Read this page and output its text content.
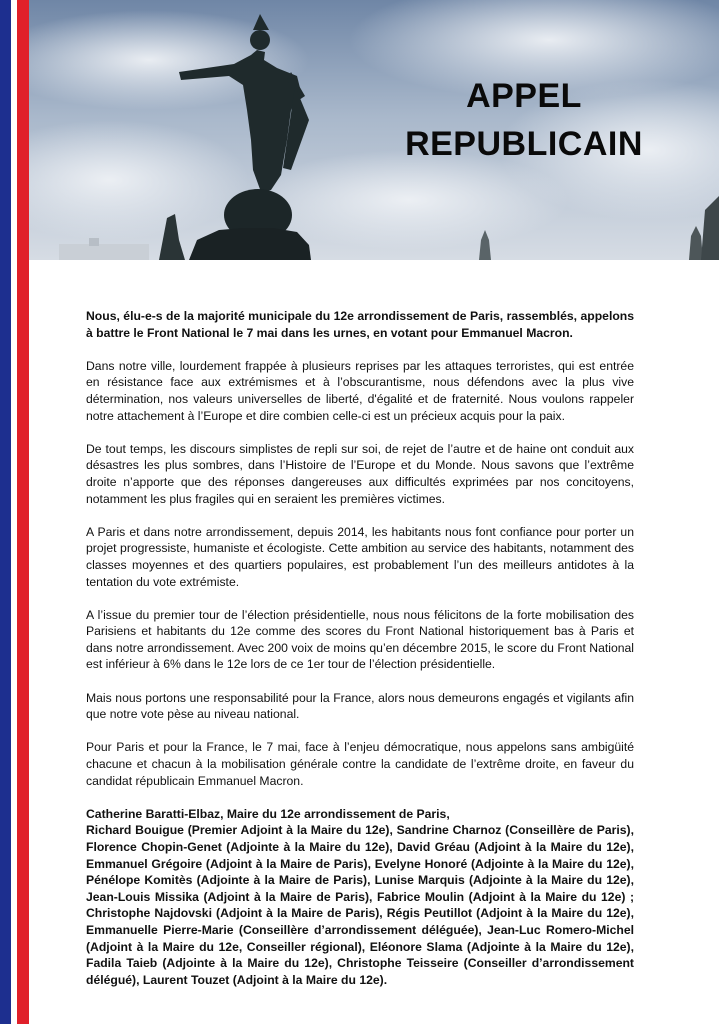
APPEL
REPUBLICAIN

Nous, élu-e-s de la majorité municipale du 12e arrondissement de Paris, rassemblés, appelons à battre le Front National le 7 mai dans les urnes, en votant pour Emmanuel Macron.

Dans notre ville, lourdement frappée à plusieurs reprises par les attaques terroristes, qui est entrée en résistance face aux extrémismes et à l’obscurantisme, nous défendons avec la plus vive détermination, nos valeurs universelles de liberté, d'égalité et de fraternité. Nous voulons rappeler notre attachement à l’Europe et dire combien celle-ci est un précieux acquis pour la paix.

De tout temps, les discours simplistes de repli sur soi, de rejet de l’autre et de haine ont conduit aux désastres les plus sombres, dans l’Histoire de l’Europe et du Monde. Nous savons que l’extrême droite n’apporte que des réponses dangereuses aux difficultés exprimées par nos concitoyens, notamment les plus fragiles qui en seraient les premières victimes.

A Paris et dans notre arrondissement, depuis 2014, les habitants nous font confiance pour porter un projet progressiste, humaniste et écologiste. Cette ambition au service des habitants, notamment des classes moyennes et des quartiers populaires, est probablement l’un des meilleurs antidotes à la tentation du vote extrémiste.

A l’issue du premier tour de l’élection présidentielle, nous nous félicitons de la forte mobilisation des Parisiens et habitants du 12e comme des scores du Front National historiquement bas à Paris et dans notre arrondissement. Avec 200 voix de moins qu’en décembre 2015, le score du Front National est inférieur à 6% dans le 12e lors de ce 1er tour de l’élection présidentielle.

Mais nous portons une responsabilité pour la France, alors nous demeurons engagés et vigilants afin que notre vote pèse au niveau national.

Pour Paris et pour la France, le 7 mai, face à l’enjeu démocratique, nous appelons sans ambigüité chacune et chacun à la mobilisation générale contre la candidate de l’extrême droite, en faveur du candidat républicain Emmanuel Macron.

Catherine Baratti-Elbaz, Maire du 12e arrondissement de Paris,

Richard Bouigue (Premier Adjoint à la Maire du 12e), Sandrine Charnoz (Conseillère de Paris), Florence Chopin-Genet (Adjointe à la Maire du 12e), David Gréau (Adjoint à la Maire du 12e), Emmanuel Grégoire (Adjoint à la Maire de Paris), Evelyne Honoré (Adjointe à la Maire du 12e), Pénélope Komitès (Adjointe à la Maire de Paris), Lunise Marquis (Adjointe à la Maire du 12e), Jean-Louis Missika (Adjoint à la Maire de Paris), Fabrice Moulin (Adjoint à la Maire du 12e) ; Christophe Najdovski (Adjoint à la Maire de Paris), Régis Peutillot (Adjoint à la Maire du 12e), Emmanuelle Pierre-Marie (Conseillère d’arrondissement déléguée), Jean-Luc Romero-Michel (Adjoint à la Maire du 12e, Conseiller régional), Eléonore Slama (Adjointe à la Maire du 12e), Fadila Taieb (Adjointe à la Maire du 12e), Christophe Teisseire (Conseiller d’arrondissement délégué), Laurent Touzet (Adjoint à la Maire du 12e).
